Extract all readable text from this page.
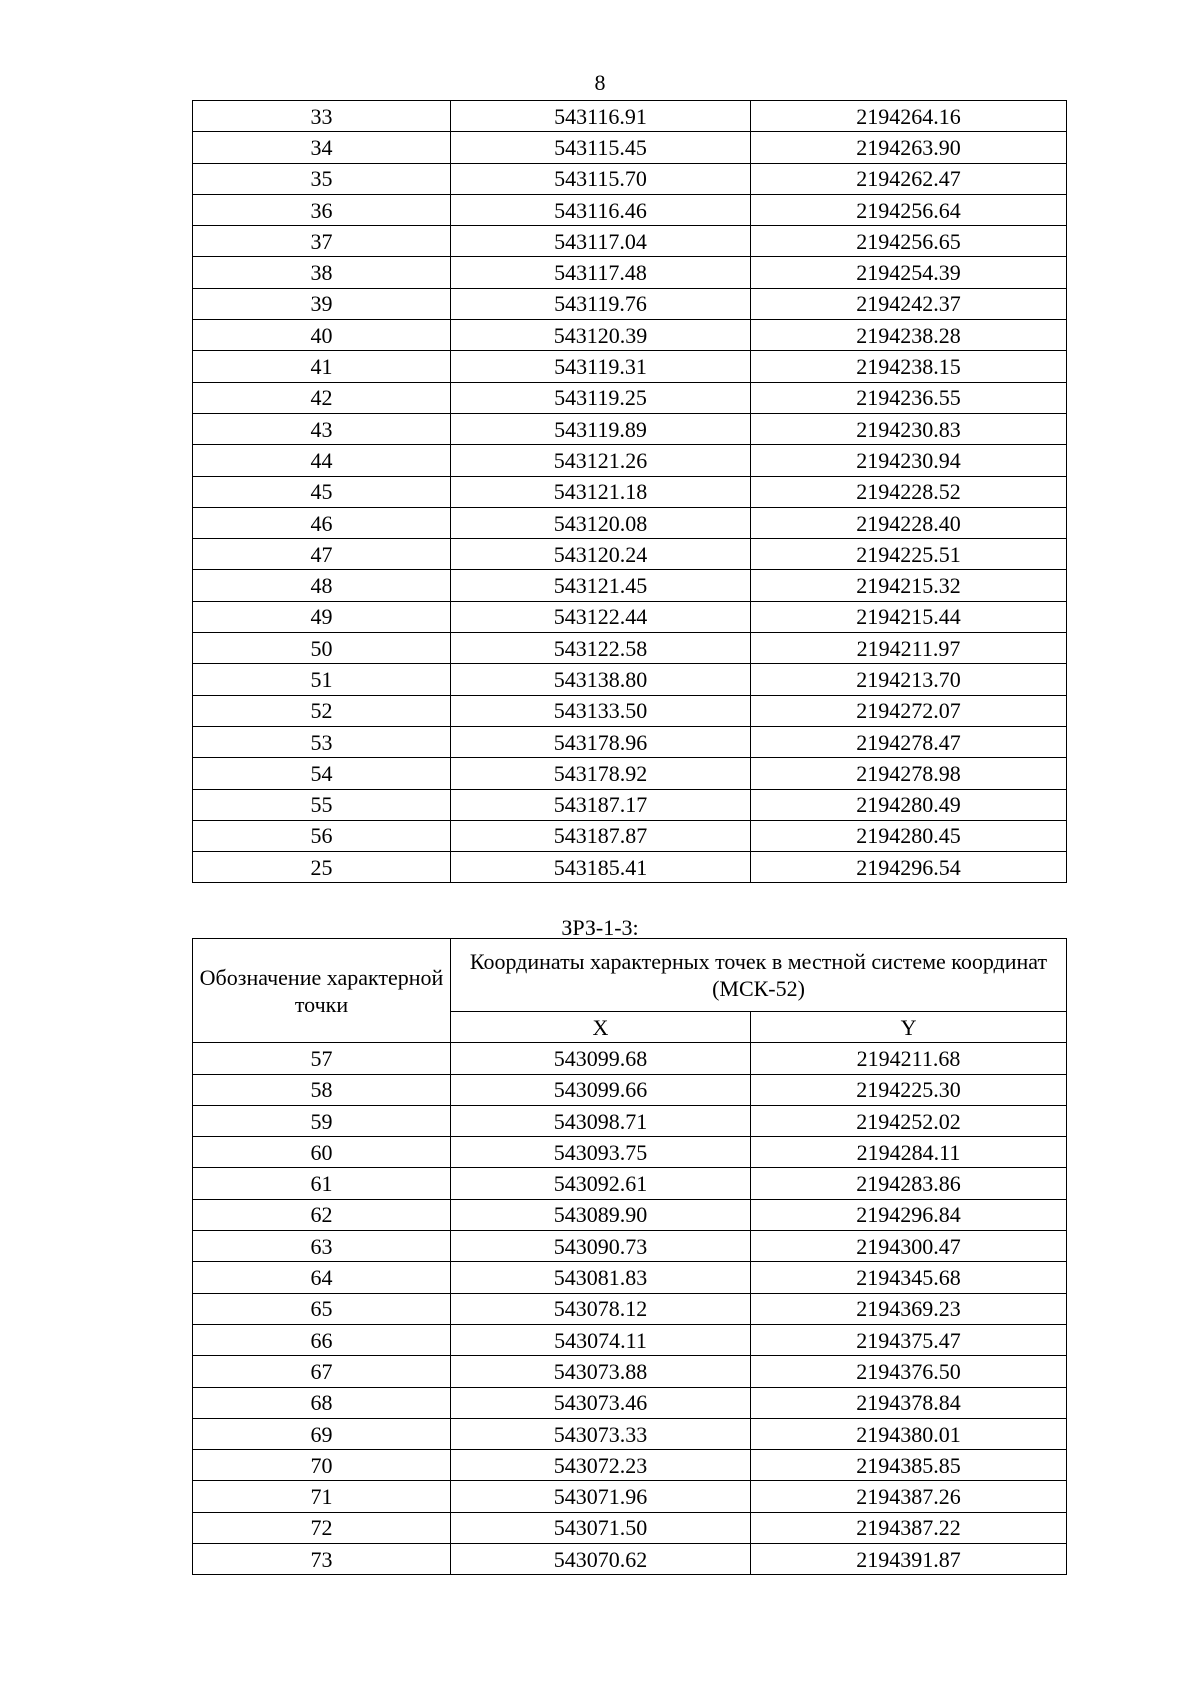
8
33	543116.91	2194264.16
34	543115.45	2194263.90
35	543115.70	2194262.47
36	543116.46	2194256.64
37	543117.04	2194256.65
38	543117.48	2194254.39
39	543119.76	2194242.37
40	543120.39	2194238.28
41	543119.31	2194238.15
42	543119.25	2194236.55
43	543119.89	2194230.83
44	543121.26	2194230.94
45	543121.18	2194228.52
46	543120.08	2194228.40
47	543120.24	2194225.51
48	543121.45	2194215.32
49	543122.44	2194215.44
50	543122.58	2194211.97
51	543138.80	2194213.70
52	543133.50	2194272.07
53	543178.96	2194278.47
54	543178.92	2194278.98
55	543187.17	2194280.49
56	543187.87	2194280.45
25	543185.41	2194296.54
ЗРЗ-1-3:
Обозначение характерной точки	Координаты характерных точек в местной системе координат (МСК-52)	
	X	Y
57	543099.68	2194211.68
58	543099.66	2194225.30
59	543098.71	2194252.02
60	543093.75	2194284.11
61	543092.61	2194283.86
62	543089.90	2194296.84
63	543090.73	2194300.47
64	543081.83	2194345.68
65	543078.12	2194369.23
66	543074.11	2194375.47
67	543073.88	2194376.50
68	543073.46	2194378.84
69	543073.33	2194380.01
70	543072.23	2194385.85
71	543071.96	2194387.26
72	543071.50	2194387.22
73	543070.62	2194391.87
